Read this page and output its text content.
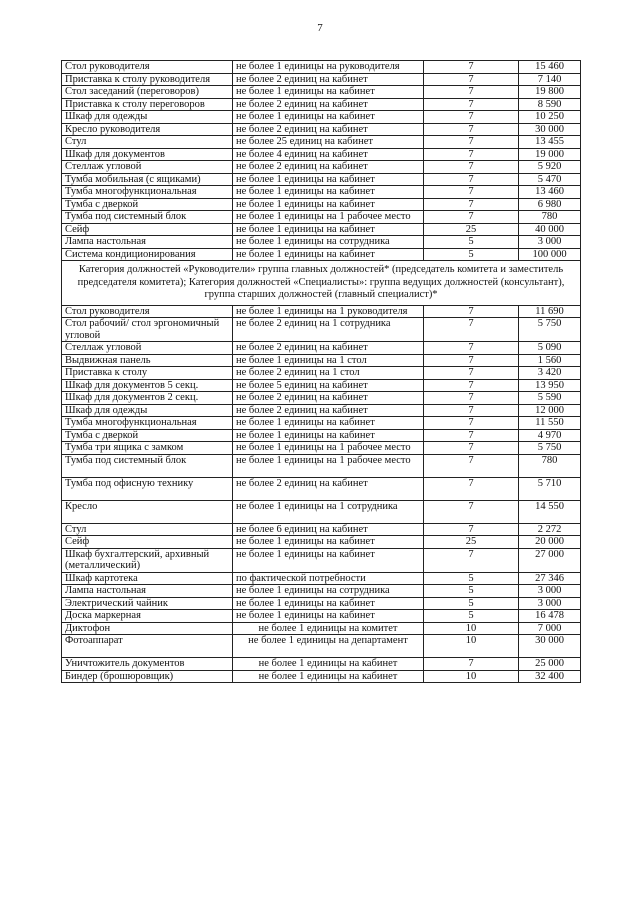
7
Стол руководителя	не более 1 единицы на руководителя	7	15 460
Приставка к столу руководителя	не более 2 единиц на кабинет	7	7 140
Стол заседаний (переговоров)	не более 1 единицы на кабинет	7	19 800
Приставка к столу переговоров	не более 2 единиц на кабинет	7	8 590
Шкаф для одежды	не более 1 единицы на кабинет	7	10 250
Кресло руководителя	не более 2 единиц на кабинет	7	30 000
Стул	не более 25 единиц на кабинет	7	13 455
Шкаф для документов	не более 4 единиц на кабинет	7	19 000
Стеллаж угловой	не более 2 единиц на кабинет	7	5 920
Тумба мобильная (с ящиками)	не более 1 единицы на кабинет	7	5 470
Тумба многофункциональная	не более 1 единицы на кабинет	7	13 460
Тумба с дверкой	не более 1 единицы на кабинет	7	6 980
Тумба под системный блок	не более 1 единицы на 1 рабочее место	7	780
Сейф	не более 1 единицы на кабинет	25	40 000
Лампа настольная	не более 1 единицы на сотрудника	5	3 000
Система кондиционирования	не более 1 единицы на кабинет	5	100 000
Категория должностей «Руководители» группа главных должностей* (председатель комитета и заместитель председателя комитета); Категория должностей «Специалисты»: группа ведущих должностей (консультант), группа старших должностей (главный специалист)*			
Стол руководителя	не более 1 единицы на 1 руководителя	7	11 690
Стол рабочий/ стол эргономичный угловой	не более 2 единиц на 1 сотрудника	7	5 750
Стеллаж угловой	не более 2 единиц на кабинет	7	5 090
Выдвижная панель	не более 1 единицы на 1 стол	7	1 560
Приставка к столу	не более 2 единиц на 1 стол	7	3 420
Шкаф для документов 5 секц.	не более 5 единиц на кабинет	7	13 950
Шкаф для документов 2 секц.	не более 2 единиц на кабинет	7	5 590
Шкаф для одежды	не более 2 единиц на кабинет	7	12 000
Тумба многофункциональная	не более 1 единицы на кабинет	7	11 550
Тумба с дверкой	не более 1 единицы на кабинет	7	4 970
Тумба три ящика с замком	не более 1 единицы на 1 рабочее место	7	5 750
Тумба под системный блок	не более 1 единицы на 1 рабочее место	7	780
Тумба под офисную технику	не более 2 единиц на кабинет	7	5 710
Кресло	не более 1 единицы на 1 сотрудника	7	14 550
Стул	не более 6 единиц на кабинет	7	2 272
Сейф	не более 1 единицы на кабинет	25	20 000
Шкаф бухгалтерский, архивный (металлический)	не более 1 единицы на кабинет	7	27 000
Шкаф картотека	по фактической потребности	5	27 346
Лампа настольная	не более 1 единицы на сотрудника	5	3 000
Электрический чайник	не более 1 единицы на кабинет	5	3 000
Доска маркерная	не более 1 единицы на кабинет	5	16 478
Диктофон	не более 1 единицы на комитет	10	7 000
Фотоаппарат	не более 1 единицы на департамент	10	30 000
Уничтожитель документов	не более 1 единицы на кабинет	7	25 000
Биндер (брошюровщик)	не более 1 единицы на кабинет	10	32 400
